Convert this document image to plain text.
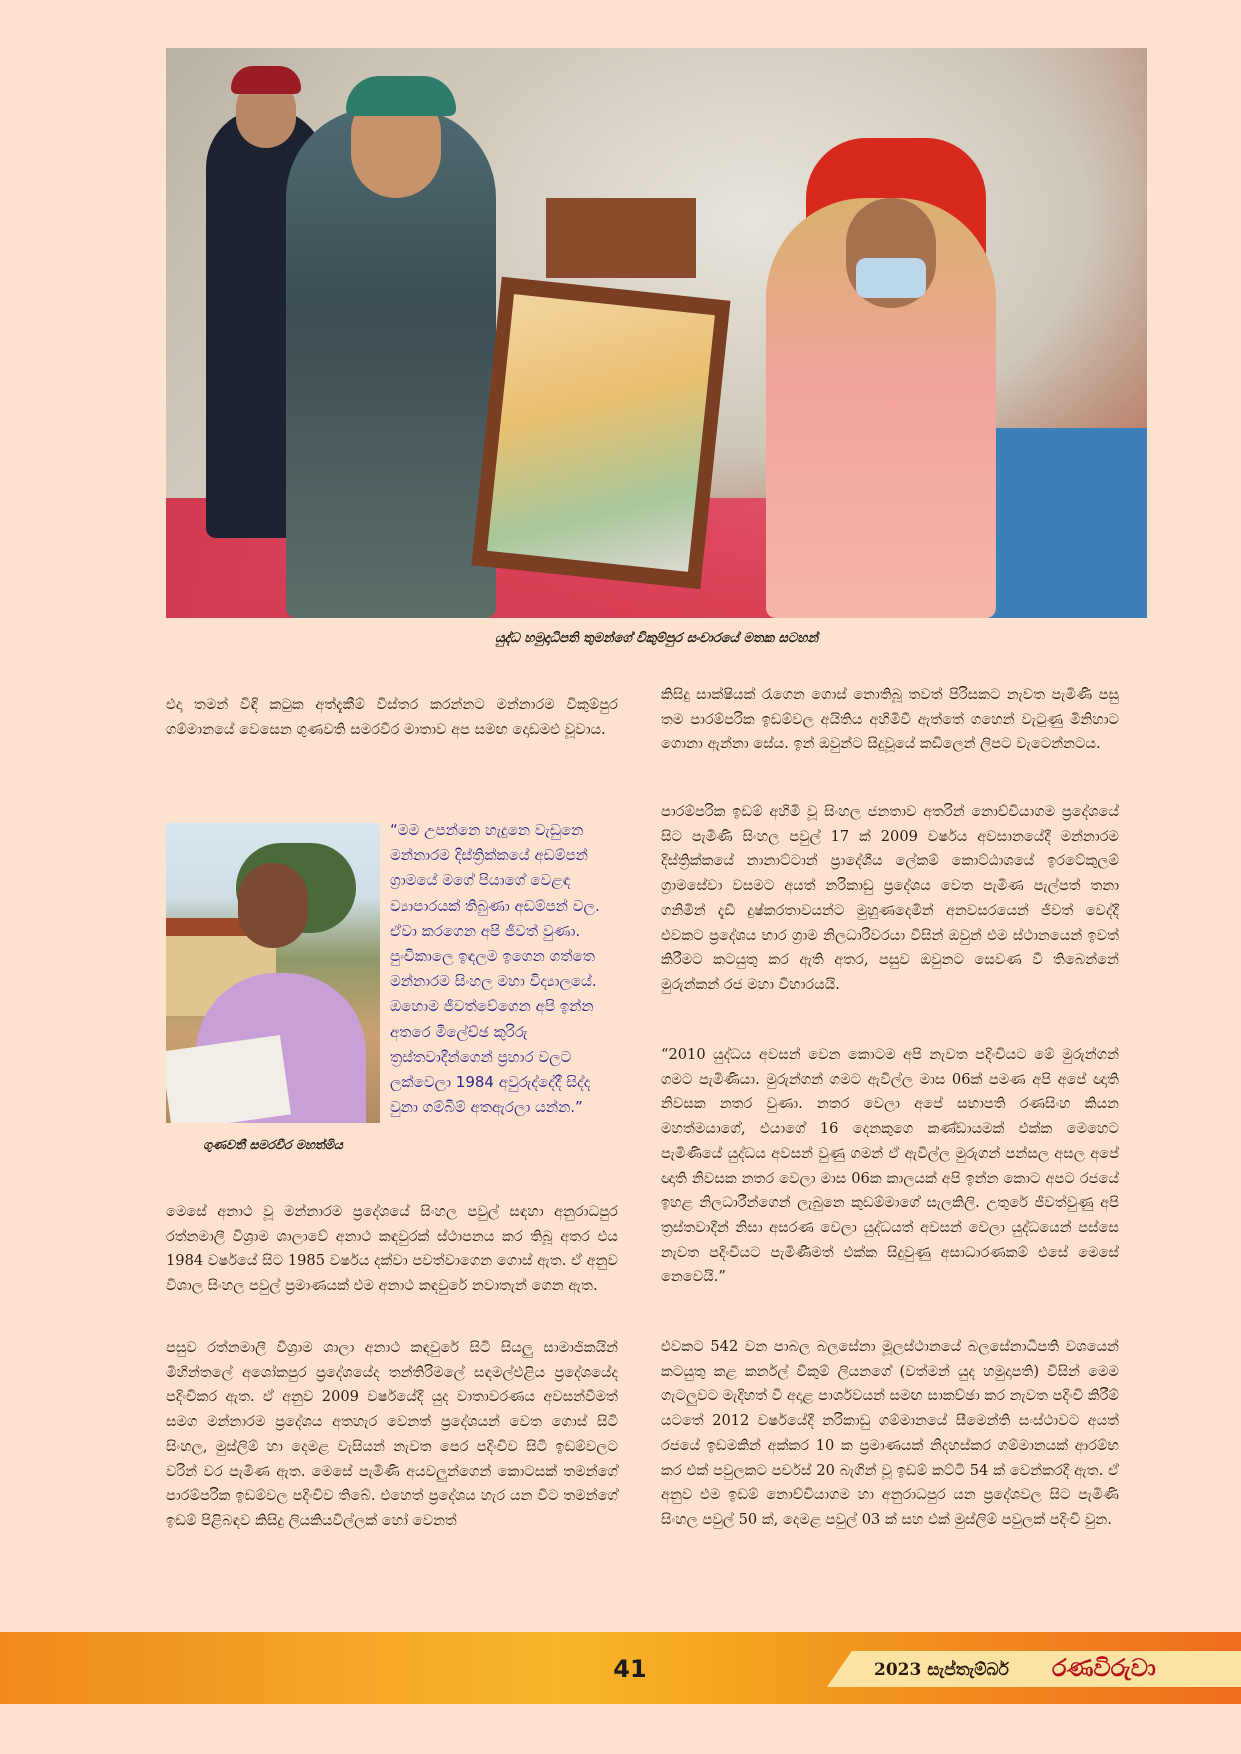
යුද්ධ හමුදාධිපති තුමන්ගේ විකුම්පුර සංචාරයේ මතක සටහන්

එදා තමන් විඳි කටුක අත්දැකීම් විස්තර කරන්නට මන්නාරම විකුම්පුර ගම්මානයේ වෙසෙන ගුණවති සමරවීර මාතාව අප සමඟ දොඩමළු වූවාය.

“මම උපන්නෙ හැදුනෙ වැඩුනෙ මන්නාරම දිස්ත්‍රික්කයේ අඩම්පන් ග්‍රාමයේ මගේ පියාගේ වෙළඳ ව්‍යාපාරයක් තිබුණා අඩම්පන් වල. ඒවා කරගෙන අපි ජීවත් වුණා. පුංචිකාලෙ ඉඳලම ඉගෙන ගත්තෙ මන්නාරම සිංහල මහා විද්‍යාලයේ. ඔහොම ජීවත්වේගෙන අපි ඉන්න අතරෙ මිලේච්ඡ කුරිරු ත්‍රස්තවාදීන්ගෙන් ප්‍රහාර වලට ලක්වෙලා 1984 අවුරුද්දේදී සිද්ද වුනා ගම්බිම් අතඇරලා යන්න.”

ගුණවතී සමරවීර මහත්මිය

මෙසේ අනාථ වූ මන්නාරම ප්‍රදේශයේ සිංහල පවුල් සඳහා අනුරාධපුර රත්නමාලී විශ්‍රාම ශාලාවේ අනාථ කඳවුරක් ස්ථාපනය කර තිබූ අතර එය 1984 වර්ෂයේ සිට 1985 වර්ෂය දක්වා පවත්වාගෙන ගොස් ඇත. ඒ අනුව විශාල සිංහල පවුල් ප්‍රමාණයක් එම අනාථ කඳවුරේ නවාතැන් ගෙන ඇත.

පසුව රත්නමාලී විශ්‍රාම ශාලා අනාථ කඳවුරේ සිටි සියලු සාමාජිකයින් මිහින්තලේ අශෝකපුර ප්‍රදේශයේද තන්තිරිමලේ සඳමල්එළිය ප්‍රදේශයේද පදිංචිකර ඇත. ඒ අනුව 2009 වර්ෂයේදී යුද වාතාවරණය අවසන්වීමත් සමග මන්නාරම ප්‍රදේශය අතහැර වෙනත් ප්‍රදේශයන් වෙත ගොස් සිටි සිංහල, මුස්ලිම් හා දෙමළ වැසියන් නැවත පෙර පදිංචිව සිටි ඉඩම්වලට වරින් වර පැමිණ ඇත. මෙසේ පැමිණි අයවලුන්ගෙන් කොටසක් තමන්ගේ පාරම්පරික ඉඩම්වල පදිංචිව තිබේ. එහෙත් ප්‍රදේශය හැර යන විට තමන්ගේ ඉඩම් පිළිබඳව කිසිදු ලියකියවිල්ලක් හෝ වෙනත්

කිසිදු සාක්ෂියක් රැගෙන ගොස් නොතිබූ තවත් පිරිසකට නැවත පැමිණි පසු තම පාරම්පරික ඉඩම්වල අයිතිය අහිමිවී ඇත්තේ ගහෙන් වැටුණු මිනිහාට ගොනා ඇන්නා සේය. ඉන් ඔවුන්ට සිදුවූයේ කඩිලෙන් ලිපට වැටෙන්නටය.

පාරම්පරික ඉඩම් අහිමි වූ සිංහල ජනතාව අතරින් නොච්චියාගම ප්‍රදේශයේ සිට පැමිණි සිංහල පවුල් 17 ක් 2009 වර්ෂය අවසානයේදී මන්නාරම දිස්ත්‍රික්කයේ නානාට්ටාන් ප්‍රාදේශීය ලේකම් කොට්ඨාශයේ ඉරටේකුලම් ග්‍රාමසේවා වසමට අයත් නරිකාඩු ප්‍රදේශය වෙත පැමිණ පැල්පත් තනා ගනිමින් දැඩි දුෂ්කරතාවයන්ට මුහුණදෙමින් අනවසරයෙන් ජීවත් වෙද්දී එවකට ප්‍රදේශය භාර ග්‍රාම නිලධාරිවරයා විසින් ඔවුන් එම ස්ථානයෙන් ඉවත් කිරීමට කටයුතු කර ඇති අතර, පසුව ඔවුනට සෙවණ වී තිබෙන්නේ මුරුන්කන් රජ මහා විහාරයයි.

“2010 යුද්ධය අවසන් වෙන කොටම අපි නැවත පදිංචියට මේ මුරුන්ගන් ගමට පැමිණියා. මුරුන්ගන් ගමට ඇවිල්ල මාස 06ක් පමණ අපි අපේ ඥාති නිවසක නතර වුණා. නතර වෙලා අපේ සභාපති රණසිංහ කියන මහත්මයාගේ, එයාගේ 16 දෙනකුගෙ කණ්ඩායමක් එක්ක මෙහෙට පැමිණියේ යුද්ධය අවසන් වුණු ගමන් ඒ ඇවිල්ල මුරුගන් පන්සල අසල අපේ ඥාති නිවසක නතර වෙලා මාස 06ක කාලයක් අපි ඉන්න කොට අපට රජයේ ඉහළ නිලධාරීන්ගෙන් ලැබුනෙ කුඩම්මාගේ සැලකිලි. උතුරේ ජීවත්වුණු අපි ත්‍රස්තවාදීන් නිසා අසරණ වෙලා යුද්ධයත් අවසන් වෙලා යුද්ධයෙන් පස්සෙ නැවත පදිංචියට පැමිණීමත් එක්ක සිදුවුණු අසාධාරණකම් එසේ මෙසේ නෙවෙයි.”

එවකට 542 වන පාබල බලසේනා මූලස්ථානයේ බලසේනාධිපති වශයෙන් කටයුතු කළ කර්නල් විකුම් ලියනගේ (වත්මන් යුද හමුදාපති) විසින් මෙම ගැටලුවට මැදිහත් වී අදාළ පාර්ශවයන් සමඟ සාකච්ඡා කර නැවත පදිංචි කිරීම් යටතේ 2012 වර්ෂයේදී නරිකාඩු ගම්මානයේ සීමෙන්ති සංස්ථාවට අයත් රජයේ ඉඩමකින් අක්කර 10 ක ප්‍රමාණයක් නිදහස්කර ගම්මානයක් ආරම්භ කර එක් පවුලකට පර්චස් 20 බැගින් වූ ඉඩම් කට්ටි 54 ක් වෙන්කරදී ඇත. ඒ අනුව එම ඉඩම් නොච්චියාගම හා අනුරාධපුර යන ප්‍රදේශවල සිට පැමිණි සිංහල පවුල් 50 ක්, දෙමළ පවුල් 03 ක් සහ එක් මුස්ලිම් පවුලක් පදිංචි වුන.

41	2023 සැප්තැම්බර් රණවිරුවා
